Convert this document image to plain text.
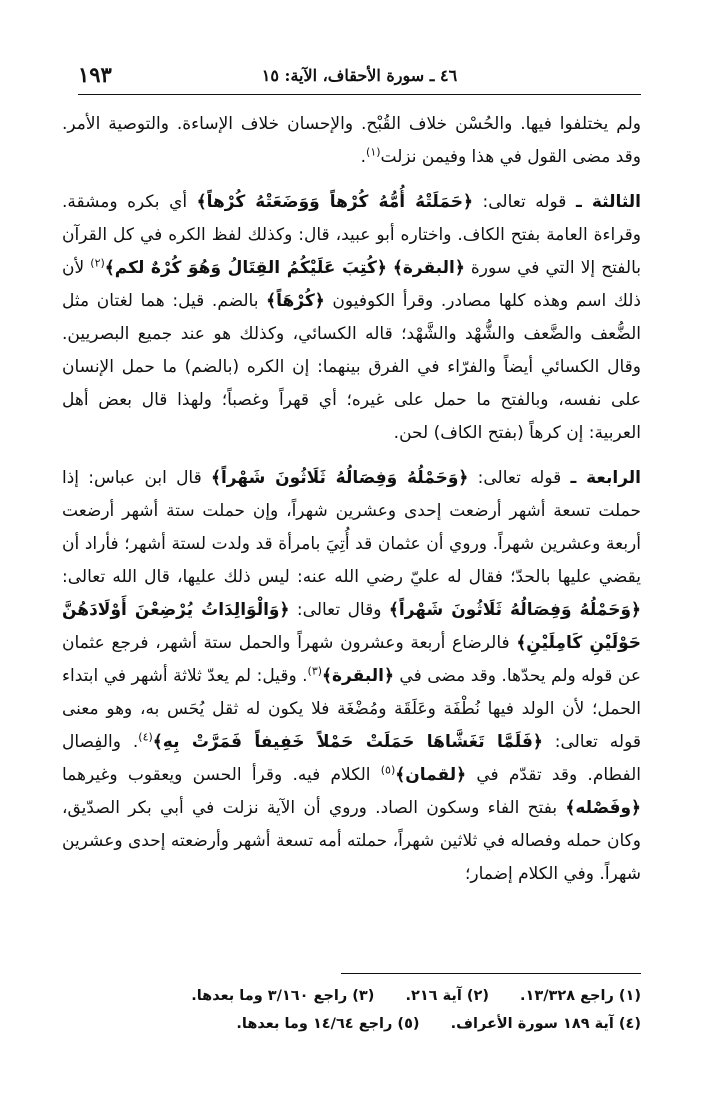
٤٦ ـ سورة الأحقاف، الآية: ١٥
١٩٣

ولم يختلفوا فيها. والحُسْن خلاف القُبْح. والإحسان خلاف الإساءة. والتوصية الأمر. وقد مضى القول في هذا وفيمن نزلت$^{(١)}$.

الثالثة ـ قوله تعالى: ﴿حَمَلَتْهُ أُمُّهُ كُرْهاً وَوَضَعَتْهُ كُرْهاً﴾ أي بكره ومشقة. وقراءة العامة بفتح الكاف. واختاره أبو عبيد، قال: وكذلك لفظ الكره في كل القرآن بالفتح إلا التي في سورة ﴿البقرة﴾ ﴿كُتِبَ عَلَيْكُمُ القِتَالُ وَهُوَ كُرْهٌ لكم﴾$^{(٢)}$ لأن ذلك اسم وهذه كلها مصادر. وقرأ الكوفيون ﴿كُرْهَاً﴾ بالضم. قيل: هما لغتان مثل الضُّعف والضَّعف والشُّهْد والشَّهْد؛ قاله الكسائي، وكذلك هو عند جميع البصريين. وقال الكسائي أيضاً والفرّاء في الفرق بينهما: إن الكره (بالضم) ما حمل الإنسان على نفسه، وبالفتح ما حمل على غيره؛ أي قهراً وغصباً؛ ولهذا قال بعض أهل العربية: إن كرهاً (بفتح الكاف) لحن.

الرابعة ـ قوله تعالى: ﴿وَحَمْلُهُ وَفِصَالُهُ ثَلَاثُونَ شَهْراً﴾ قال ابن عباس: إذا حملت تسعة أشهر أرضعت إحدى وعشرين شهراً، وإن حملت ستة أشهر أرضعت أربعة وعشرين شهراً. وروي أن عثمان قد أُتِيَ بامرأة قد ولدت لستة أشهر؛ فأراد أن يقضي عليها بالحدّ؛ فقال له عليّ رضي الله عنه: ليس ذلك عليها، قال الله تعالى: ﴿وَحَمْلُهُ وَفِصَالُهُ ثَلَاثُونَ شَهْراً﴾ وقال تعالى: ﴿وَالْوَالِدَاتُ يُرْضِعْنَ أَوْلَادَهُنَّ حَوْلَيْنِ كَامِلَيْنِ﴾ فالرضاع أربعة وعشرون شهراً والحمل ستة أشهر، فرجع عثمان عن قوله ولم يحدّها. وقد مضى في ﴿البقرة﴾$^{(٣)}$. وقيل: لم يعدّ ثلاثة أشهر في ابتداء الحمل؛ لأن الولد فيها نُطْفَة وعَلَقَة ومُضْغَة فلا يكون له ثقل يُحَس به، وهو معنى قوله تعالى: ﴿فَلَمَّا تَغَشَّاهَا حَمَلَتْ حَمْلاً خَفِيفاً فَمَرَّتْ بِهِ﴾$^{(٤)}$. والفِصال الفطام. وقد تقدّم في ﴿لقمان﴾$^{(٥)}$ الكلام فيه. وقرأ الحسن ويعقوب وغيرهما ﴿وفَصْله﴾ بفتح الفاء وسكون الصاد. وروي أن الآية نزلت في أبي بكر الصدّيق، وكان حمله وفصاله في ثلاثين شهراً، حملته أمه تسعة أشهر وأرضعته إحدى وعشرين شهراً. وفي الكلام إضمار؛

(١) راجع ١٣/٣٢٨. (٢) آية ٢١٦. (٣) راجع ٣/١٦٠ وما بعدها.
(٤) آية ١٨٩ سورة الأعراف. (٥) راجع ١٤/٦٤ وما بعدها.
